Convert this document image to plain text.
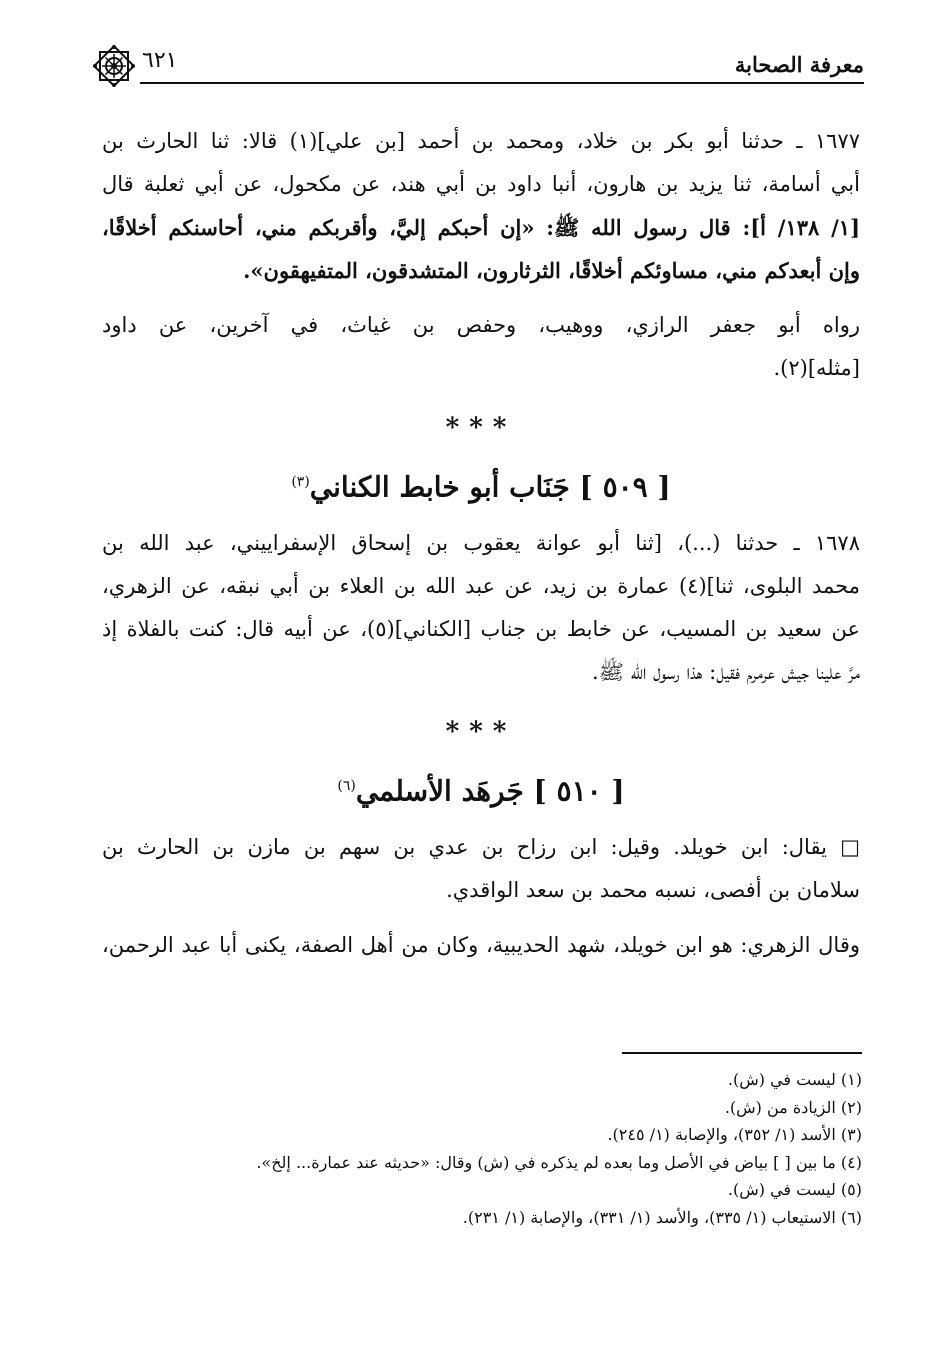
معرفة الصحابة
٦٢١

١٦٧٧ ـ حدثنا أبو بكر بن خلاد، ومحمد بن أحمد [بن علي](١) قالا: ثنا الحارث بن
أبي أسامة، ثنا يزيد بن هارون، أنبا داود بن أبي هند، عن مكحول، عن أبي ثعلبة قال
[١/ ١٣٨/ أ]: قال رسول الله ﷺ: «إن أحبكم إليَّ، وأقربكم مني، أحاسنكم أخلاقًا،
وإن أبعدكم مني، مساوئكم أخلاقًا، الثرثارون، المتشدقون، المتفيهقون».

رواه أبو جعفر الرازي، ووهيب، وحفص بن غياث، في آخرين، عن داود
[مثله](٢).

***
[ ٥٠٩ ] جَنَاب أبو خابط الكناني$^{(٣)}$

١٦٧٨ ـ حدثنا (...)، [ثنا أبو عوانة يعقوب بن إسحاق الإسفراييني، عبد الله بن
محمد البلوى، ثنا](٤) عمارة بن زيد، عن عبد الله بن العلاء بن أبي نبقه، عن الزهري،
عن سعيد بن المسيب، عن خابط بن جناب [الكناني](٥)، عن أبيه قال: كنت بالفلاة إذ
مرَّ علينا جيش عرمرم فقيل: هذا رسول الله ﷺ.

***
[ ٥١٠ ] جَرهَد الأسلمي$^{(٦)}$

□ يقال: ابن خويلد. وقيل: ابن رزاح بن عدي بن سهم بن مازن بن الحارث بن
سلامان بن أفصى، نسبه محمد بن سعد الواقدي.

وقال الزهري: هو ابن خويلد، شهد الحديبية، وكان من أهل الصفة، يكنى أبا عبد الرحمن،

(١) ليست في (ش).
(٢) الزيادة من (ش).
(٣) الأسد (١/ ٣٥٢)، والإصابة (١/ ٢٤٥).
(٤) ما بين [ ] بياض في الأصل وما بعده لم يذكره في (ش) وقال: «حديثه عند عمارة... إلخ».
(٥) ليست في (ش).
(٦) الاستيعاب (١/ ٣٣٥)، والأسد (١/ ٣٣١)، والإصابة (١/ ٢٣١).
